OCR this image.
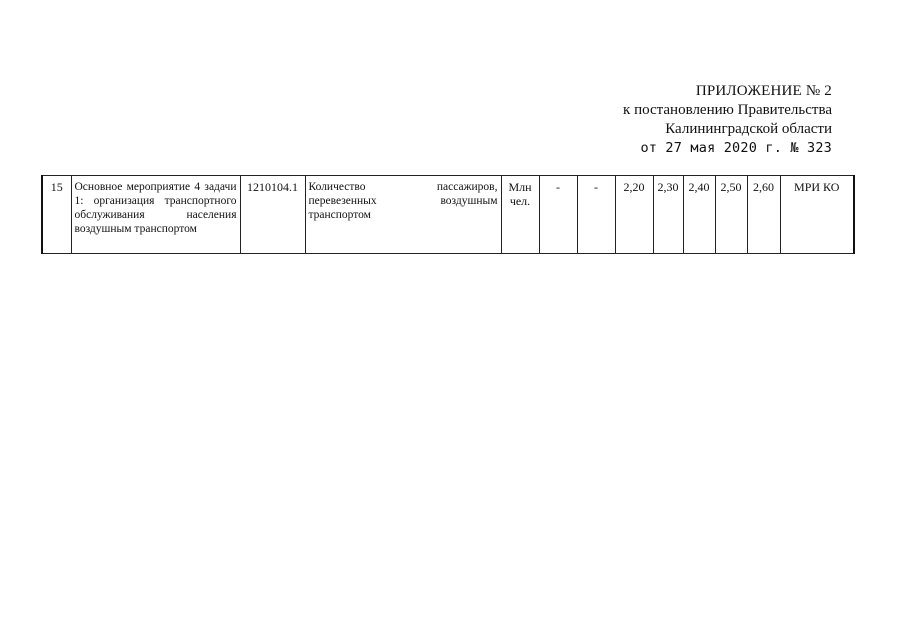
ПРИЛОЖЕНИЕ № 2
к постановлению Правительства
Калининградской области
от 27 мая 2020 г. № 323
15	Основное мероприятие 4 задачи 1: организация транспортного обслуживания населения воздушным транспортом	1210104.1	Количество пассажиров, перевезенных воздушным транспортом	Млн чел.	-	-	2,20	2,30	2,40	2,50	2,60	МРИ КО
